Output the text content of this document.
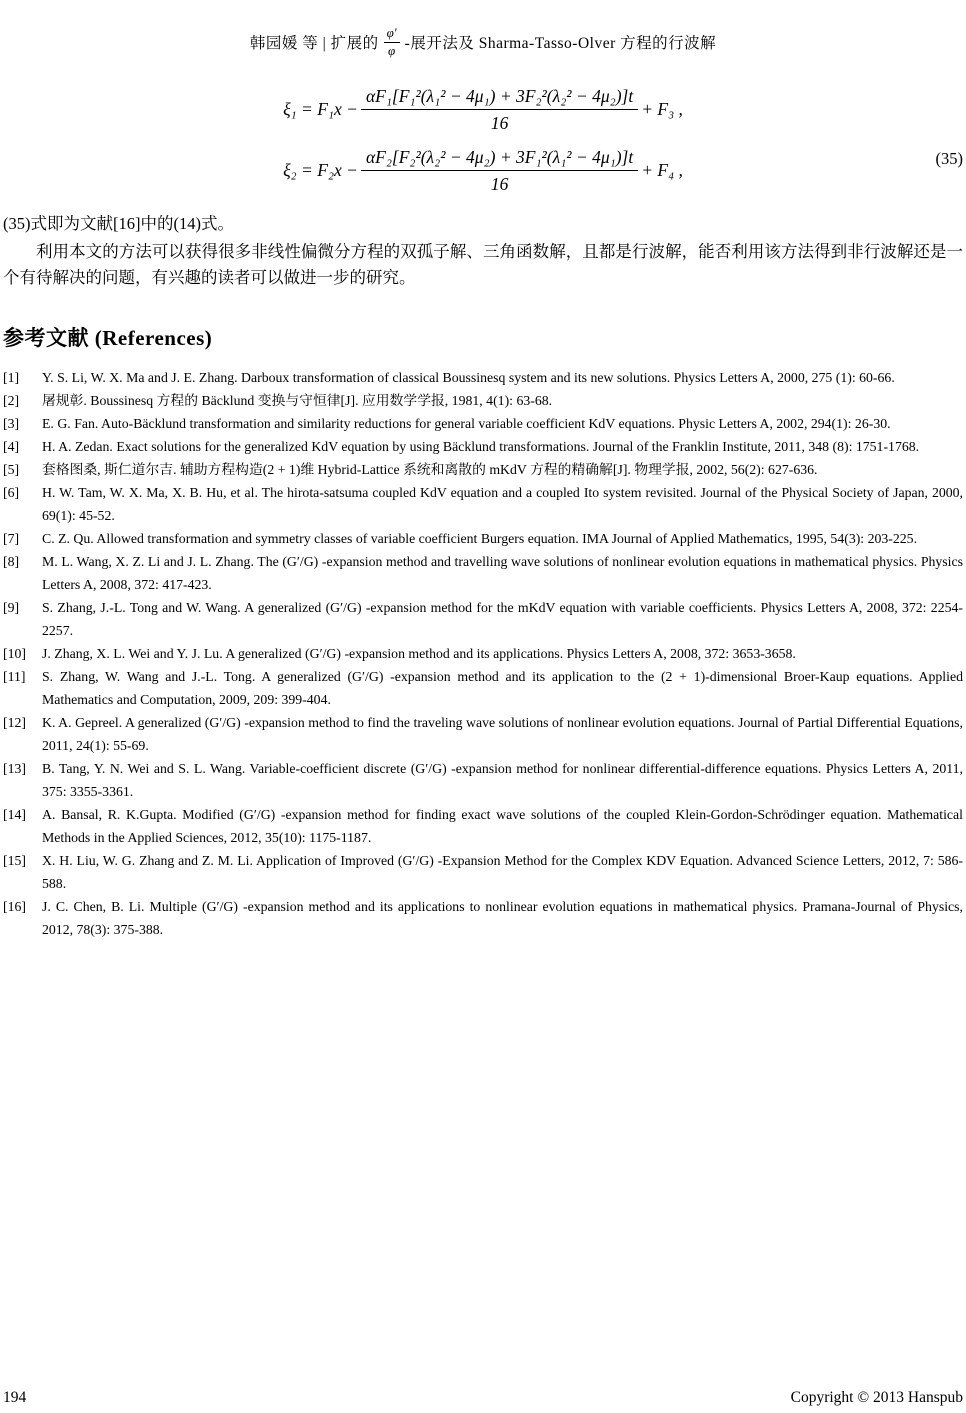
韩园媛 等 | 扩展的 $\frac{\varphi'}{\varphi}$ -展开法及 Sharma-Tasso-Olver 方程的行波解
$\xi_1 = F_1x - \frac{\text{αF₁[F₁²(λ₁² − 4μ₁) + 3F₂²(λ₂² − 4μ₂)]t}}{16} + F_3$ ,
$\xi_2 = F_2x - \frac{\text{αF₂[F₂²(λ₂² − 4μ₂) + 3F₁²(λ₁² − 4μ₁)]t}}{16} + F_4$ ,
(35)

(35)式即为文献[16]中的(14)式。

利用本文的方法可以获得很多非线性偏微分方程的双孤子解、三角函数解，且都是行波解，能否利用该方法得到非行波解还是一个有待解决的问题，有兴趣的读者可以做进一步的研究。

参考文献 (References)
[1]	Y. S. Li, W. X. Ma and J. E. Zhang. Darboux transformation of classical Boussinesq system and its new solutions. Physics Letters A, 2000, 275 (1): 60-66.
[2]	屠规彰. Boussinesq 方程的 Bäcklund 变换与守恒律[J]. 应用数学学报, 1981, 4(1): 63-68.
[3]	E. G. Fan. Auto-Bäcklund transformation and similarity reductions for general variable coefficient KdV equations. Physic Letters A, 2002, 294(1): 26-30.
[4]	H. A. Zedan. Exact solutions for the generalized KdV equation by using Bäcklund transformations. Journal of the Franklin Institute, 2011, 348 (8): 1751-1768.
[5]	套格图桑, 斯仁道尔吉. 辅助方程构造(2 + 1)维 Hybrid-Lattice 系统和离散的 mKdV 方程的精确解[J]. 物理学报, 2002, 56(2): 627-636.
[6]	H. W. Tam, W. X. Ma, X. B. Hu, et al. The hirota-satsuma coupled KdV equation and a coupled Ito system revisited. Journal of the Physical Society of Japan, 2000, 69(1): 45-52.
[7]	C. Z. Qu. Allowed transformation and symmetry classes of variable coefficient Burgers equation. IMA Journal of Applied Mathematics, 1995, 54(3): 203-225.
[8]	M. L. Wang, X. Z. Li and J. L. Zhang. The (G′/G) -expansion method and travelling wave solutions of nonlinear evolution equations in mathematical physics. Physics Letters A, 2008, 372: 417-423.
[9]	S. Zhang, J.-L. Tong and W. Wang. A generalized (G′/G) -expansion method for the mKdV equation with variable coefficients. Physics Letters A, 2008, 372: 2254-2257.
[10]	J. Zhang, X. L. Wei and Y. J. Lu. A generalized (G′/G) -expansion method and its applications. Physics Letters A, 2008, 372: 3653-3658.
[11]	S. Zhang, W. Wang and J.-L. Tong. A generalized (G′/G) -expansion method and its application to the (2 + 1)-dimensional Broer-Kaup equations. Applied Mathematics and Computation, 2009, 209: 399-404.
[12]	K. A. Gepreel. A generalized (G′/G) -expansion method to find the traveling wave solutions of nonlinear evolution equations. Journal of Partial Differential Equations, 2011, 24(1): 55-69.
[13]	B. Tang, Y. N. Wei and S. L. Wang. Variable-coefficient discrete (G′/G) -expansion method for nonlinear differential-difference equations. Physics Letters A, 2011, 375: 3355-3361.
[14]	A. Bansal, R. K.Gupta. Modified (G′/G) -expansion method for finding exact wave solutions of the coupled Klein-Gordon-Schrödinger equation. Mathematical Methods in the Applied Sciences, 2012, 35(10): 1175-1187.
[15]	X. H. Liu, W. G. Zhang and Z. M. Li. Application of Improved (G′/G) -Expansion Method for the Complex KDV Equation. Advanced Science Letters, 2012, 7: 586-588.
[16]	J. C. Chen, B. Li. Multiple (G′/G) -expansion method and its applications to nonlinear evolution equations in mathematical physics. Pramana-Journal of Physics, 2012, 78(3): 375-388.
194	Copyright © 2013 Hanspub
